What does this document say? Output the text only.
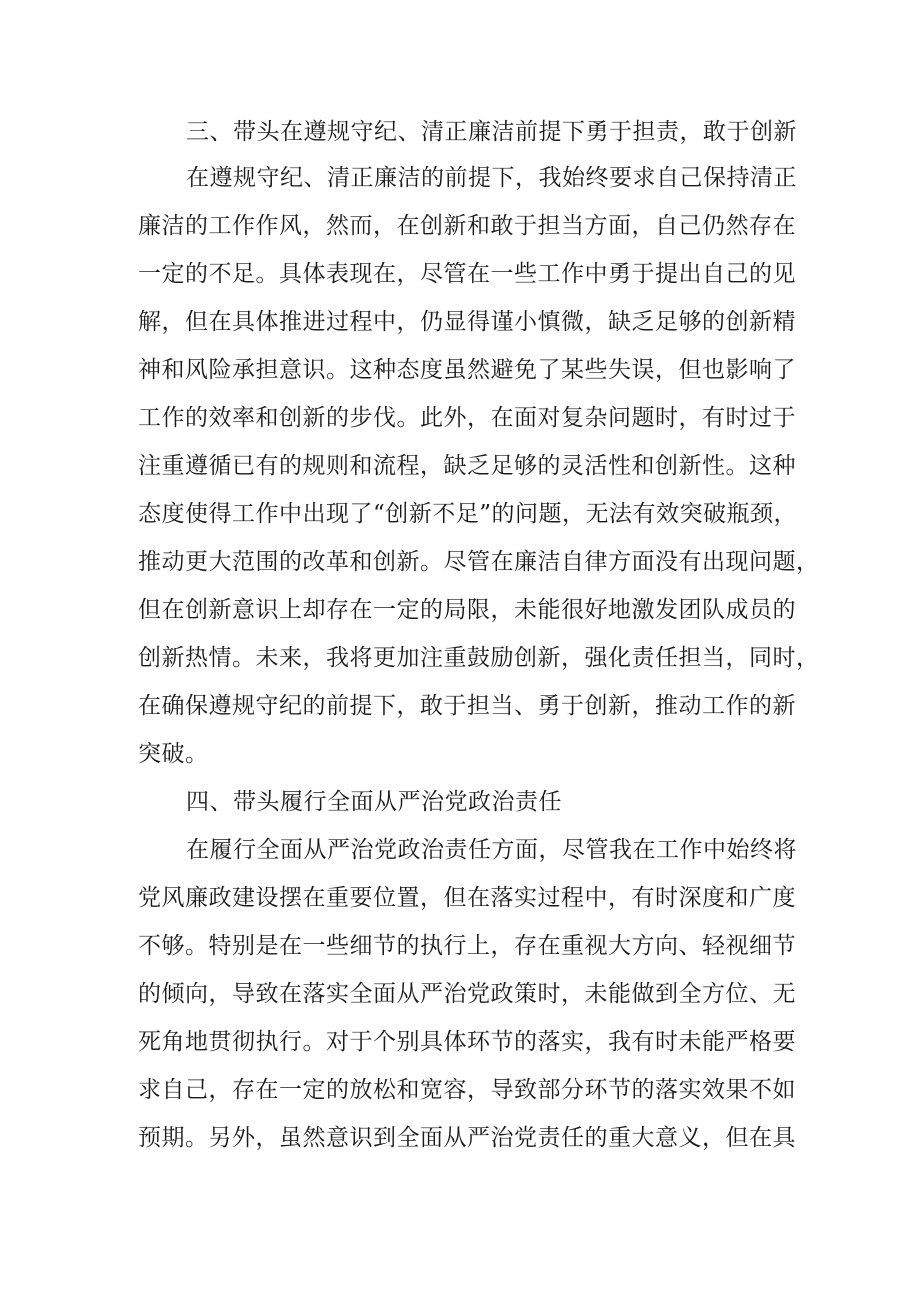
三、带头在遵规守纪、清正廉洁前提下勇于担责，敢于创新
在遵规守纪、清正廉洁的前提下，我始终要求自己保持清正
廉洁的工作作风，然而，在创新和敢于担当方面，自己仍然存在
一定的不足。具体表现在，尽管在一些工作中勇于提出自己的见
解，但在具体推进过程中，仍显得谨小慎微，缺乏足够的创新精
神和风险承担意识。这种态度虽然避免了某些失误，但也影响了
工作的效率和创新的步伐。此外，在面对复杂问题时，有时过于
注重遵循已有的规则和流程，缺乏足够的灵活性和创新性。这种
态度使得工作中出现了“创新不足”的问题，无法有效突破瓶颈，
推动更大范围的改革和创新。尽管在廉洁自律方面没有出现问题，
但在创新意识上却存在一定的局限，未能很好地激发团队成员的
创新热情。未来，我将更加注重鼓励创新，强化责任担当，同时，
在确保遵规守纪的前提下，敢于担当、勇于创新，推动工作的新
突破。
四、带头履行全面从严治党政治责任
在履行全面从严治党政治责任方面，尽管我在工作中始终将
党风廉政建设摆在重要位置，但在落实过程中，有时深度和广度
不够。特别是在一些细节的执行上，存在重视大方向、轻视细节
的倾向，导致在落实全面从严治党政策时，未能做到全方位、无
死角地贯彻执行。对于个别具体环节的落实，我有时未能严格要
求自己，存在一定的放松和宽容，导致部分环节的落实效果不如
预期。另外，虽然意识到全面从严治党责任的重大意义，但在具
